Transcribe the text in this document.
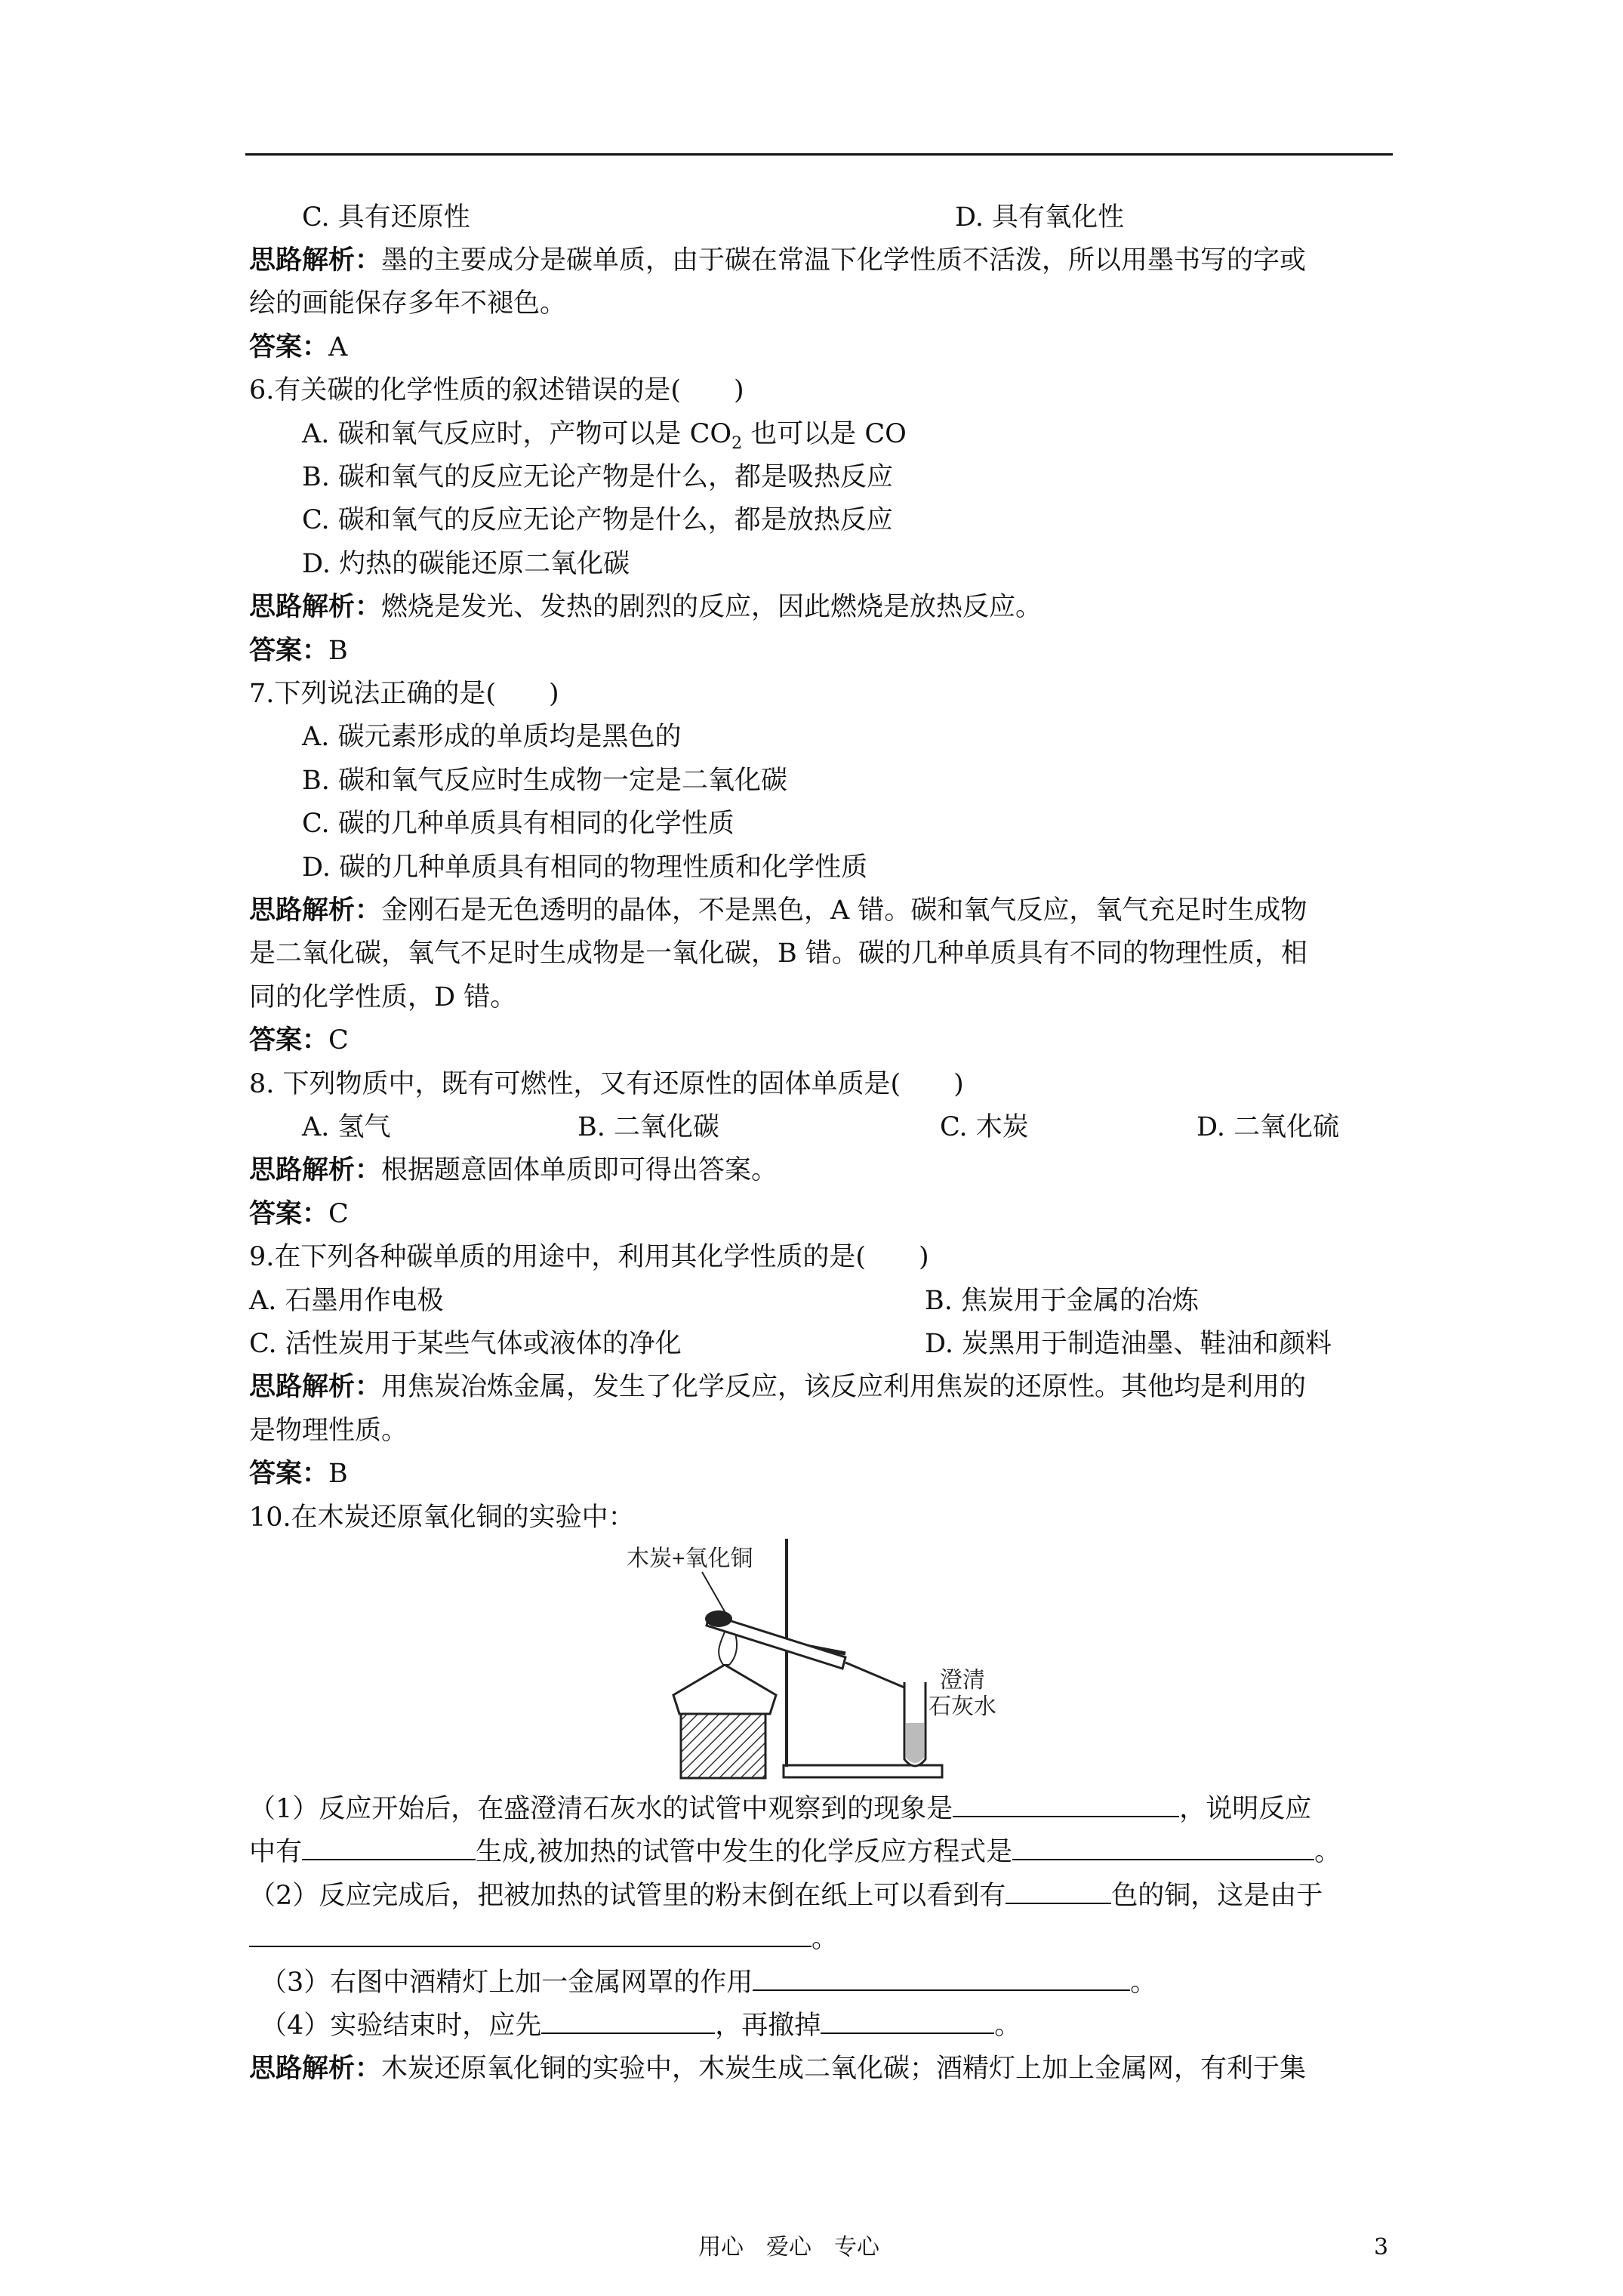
C. 具有还原性	D. 具有氧化性
思路解析：墨的主要成分是碳单质，由于碳在常温下化学性质不活泼，所以用墨书写的字或
绘的画能保存多年不褪色。
答案：A
6.有关碳的化学性质的叙述错误的是(　　)
A. 碳和氧气反应时，产物可以是 $CO_2$ 也可以是 CO
B. 碳和氧气的反应无论产物是什么，都是吸热反应
C. 碳和氧气的反应无论产物是什么，都是放热反应
D. 灼热的碳能还原二氧化碳
思路解析：燃烧是发光、发热的剧烈的反应，因此燃烧是放热反应。
答案：B
7.下列说法正确的是(　　)
A. 碳元素形成的单质均是黑色的
B. 碳和氧气反应时生成物一定是二氧化碳
C. 碳的几种单质具有相同的化学性质
D. 碳的几种单质具有相同的物理性质和化学性质
思路解析：金刚石是无色透明的晶体，不是黑色，A 错。碳和氧气反应，氧气充足时生成物
是二氧化碳，氧气不足时生成物是一氧化碳，B 错。碳的几种单质具有不同的物理性质，相
同的化学性质，D 错。
答案：C
8. 下列物质中，既有可燃性，又有还原性的固体单质是(　　)
A. 氢气	B. 二氧化碳	C. 木炭	D. 二氧化硫
思路解析：根据题意固体单质即可得出答案。
答案：C
9.在下列各种碳单质的用途中，利用其化学性质的是(　　)
A. 石墨用作电极	B. 焦炭用于金属的冶炼
C. 活性炭用于某些气体或液体的净化	D. 炭黑用于制造油墨、鞋油和颜料
思路解析：用焦炭冶炼金属，发生了化学反应，该反应利用焦炭的还原性。其他均是利用的
是物理性质。
答案：B
10.在木炭还原氧化铜的实验中：
木炭+氧化铜
澄清
石灰水
（1）反应开始后，在盛澄清石灰水的试管中观察到的现象是	，说明反应
中有	生成,被加热的试管中发生的化学反应方程式是	。
（2）反应完成后，把被加热的试管里的粉末倒在纸上可以看到有	色的铜，这是由于
。
（3）右图中酒精灯上加一金属网罩的作用	。
（4）实验结束时，应先	，再撤掉	。
思路解析：木炭还原氧化铜的实验中，木炭生成二氧化碳；酒精灯上加上金属网，有利于集
用心　爱心　专心	3
